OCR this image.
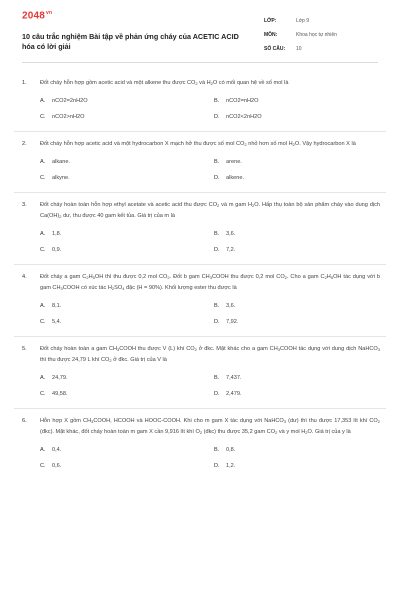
$2048^{vn}$
10 câu trắc nghiệm Bài tập về phản ứng cháy của ACETIC ACID hóa có lời giải
LỚP:	Lớp 9
MÔN:	Khoa học tự nhiên
SỐ CÂU:	10
1. Đốt cháy hỗn hợp gồm acetic acid và một alkene thu được $CO_2$ và $H_2O$ có mối quan hệ về số mol là
A.	nCO2=2nH2O	B.	nCO2=nH2O
C.	nCO2>nH2O	D.	nCO2<2nH2O
2. Đốt cháy hỗn hợp acetic acid và một hydrocarbon X mạch hở thu được số mol $CO_2$ nhỏ hơn số mol $H_2O$. Vậy hydrocarbon X là
A.	alkane.	B.	arene.
C.	alkyne.	D.	alkene.
3. Đốt cháy hoàn toàn hỗn hợp ethyl acetate và acetic acid thu được $CO_2$ và m gam $H_2O$. Hấp thụ toàn bộ sản phẩm cháy vào dung dịch $Ca(OH)_2$ dư, thu được 40 gam kết tủa. Giá trị của m là
A.	1,8.	B.	3,6.
C.	0,9.	D.	7,2.
4. Đốt cháy a gam $C_2H_5OH$ thì thu được 0,2 mol $CO_2$. Đốt b gam $CH_3COOH$ thu được 0,2 mol $CO_2$. Cho a gam $C_2H_5OH$ tác dụng với b gam $CH_3COOH$ có xúc tác $H_2SO_4$ đặc (H = 90%). Khối lượng ester thu được là
A.	8,1.	B.	3,6.
C.	5,4.	D.	7,92.
5. Đốt cháy hoàn toàn a gam $CH_3COOH$ thu được V (L) khí $CO_2$ ở đkc. Mặt khác cho a gam $CH_3COOH$ tác dụng với dung dịch NaHCO$_3$ thì thu được 24,79 L khí $CO_2$ ở đkc. Giá trị của V là
A.	24,79.	B.	7,437.
C.	49,58.	D.	2,479.
6. Hỗn hợp X gồm $CH_3COOH$, HCOOH và HOOC-COOH. Khi cho m gam X tác dụng với NaHCO$_3$ (dư) thì thu được 17,353 lít khí $CO_2$ (đkc). Mặt khác, đốt cháy hoàn toàn m gam X cần 9,916 lít khí $O_2$ (đkc) thu được 35,2 gam $CO_2$ và y mol $H_2O$. Giá trị của y là
A.	0,4.	B.	0,8.
C.	0,6.	D.	1,2.
